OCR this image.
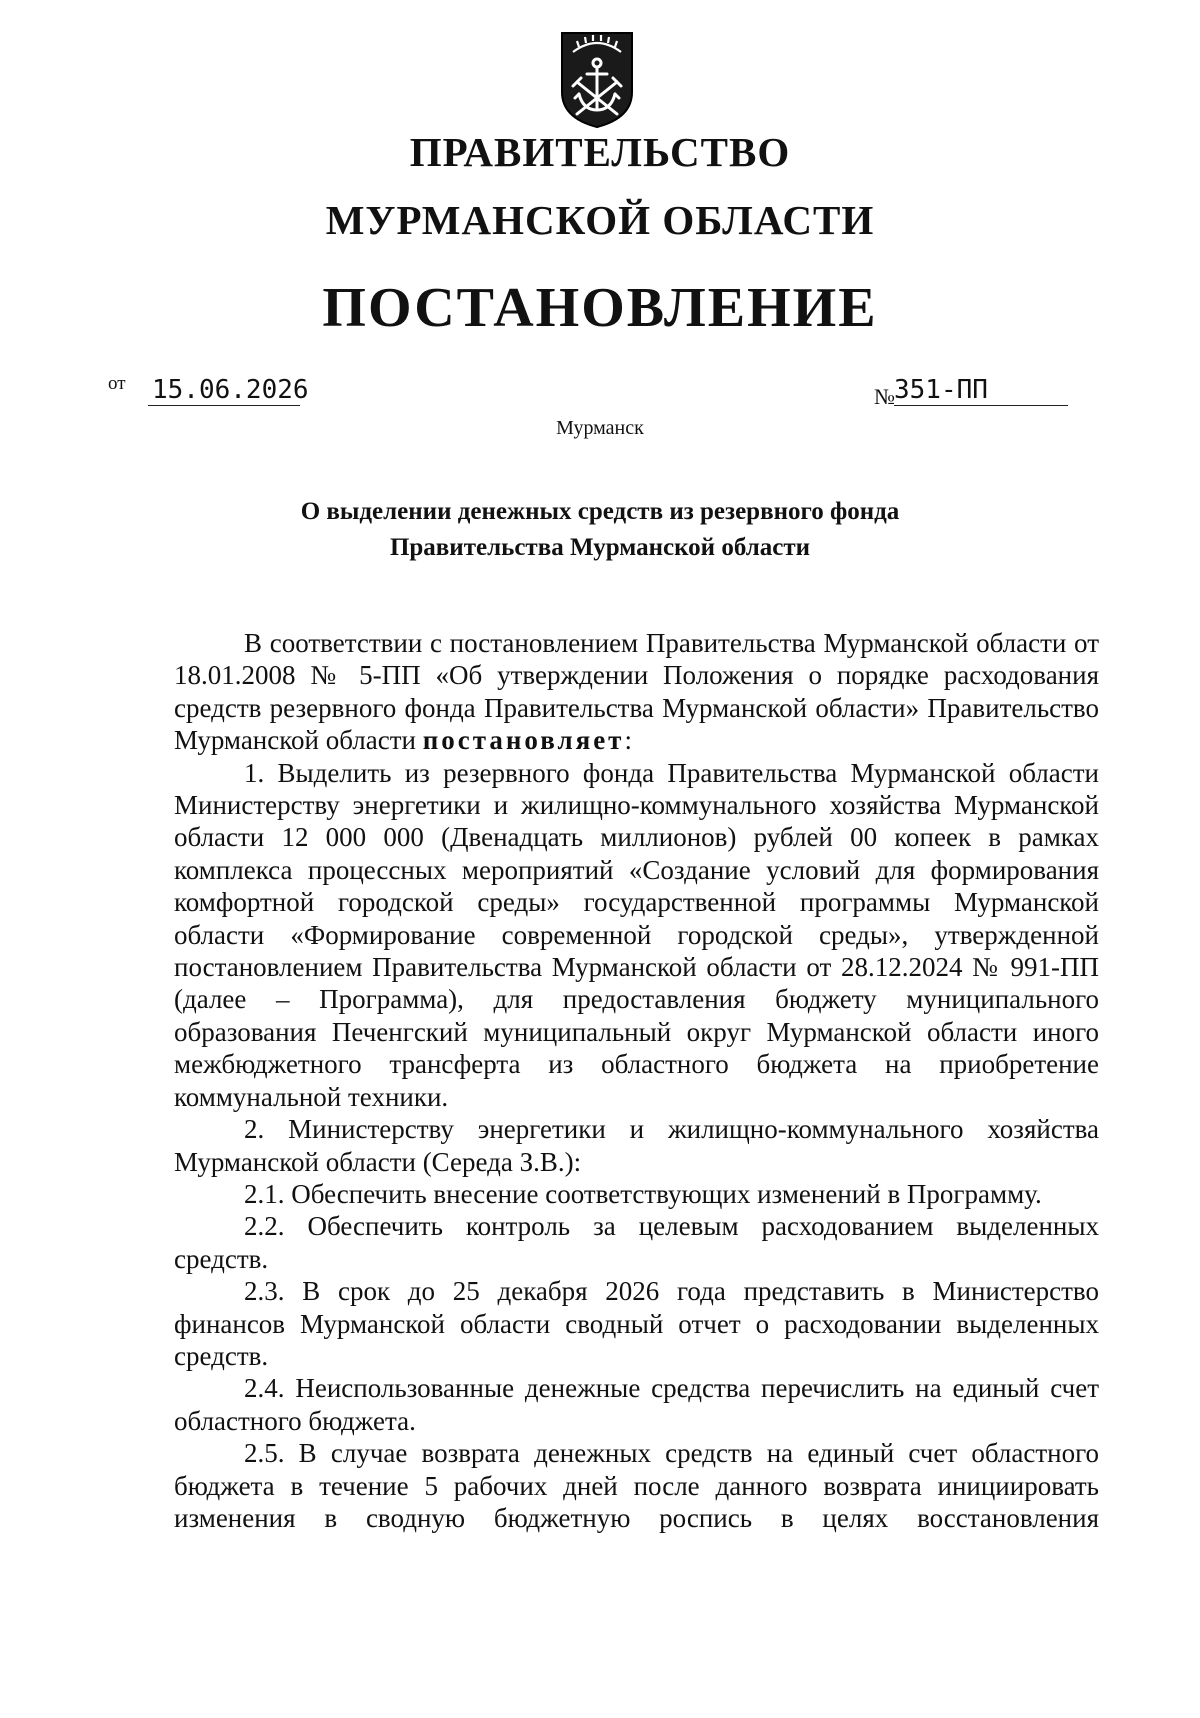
ПРАВИТЕЛЬСТВО
МУРМАНСКОЙ ОБЛАСТИ
ПОСТАНОВЛЕНИЕ
от 15.06.2026	№ 351-ПП
Мурманск
О выделении денежных средств из резервного фонда
Правительства Мурманской области

В соответствии с постановлением Правительства Мурманской области от 18.01.2008 № 5-ПП «Об утверждении Положения о порядке расходования средств резервного фонда Правительства Мурманской области» Правительство Мурманской области постановляет:

1. Выделить из резервного фонда Правительства Мурманской области Министерству энергетики и жилищно-коммунального хозяйства Мурманской области 12 000 000 (Двенадцать миллионов) рублей 00 копеек в рамках комплекса процессных мероприятий «Создание условий для формирования комфортной городской среды» государственной программы Мурманской области «Формирование современной городской среды», утвержденной постановлением Правительства Мурманской области от 28.12.2024 № 991-ПП (далее – Программа), для предоставления бюджету муниципального образования Печенгский муниципальный округ Мурманской области иного межбюджетного трансферта из областного бюджета на приобретение коммунальной техники.

2. Министерству энергетики и жилищно-коммунального хозяйства Мурманской области (Середа З.В.):

2.1. Обеспечить внесение соответствующих изменений в Программу.

2.2. Обеспечить контроль за целевым расходованием выделенных средств.

2.3. В срок до 25 декабря 2026 года представить в Министерство финансов Мурманской области сводный отчет о расходовании выделенных средств.

2.4. Неиспользованные денежные средства перечислить на единый счет областного бюджета.

2.5. В случае возврата денежных средств на единый счет областного бюджета в течение 5 рабочих дней после данного возврата инициировать изменения в сводную бюджетную роспись в целях восстановления
